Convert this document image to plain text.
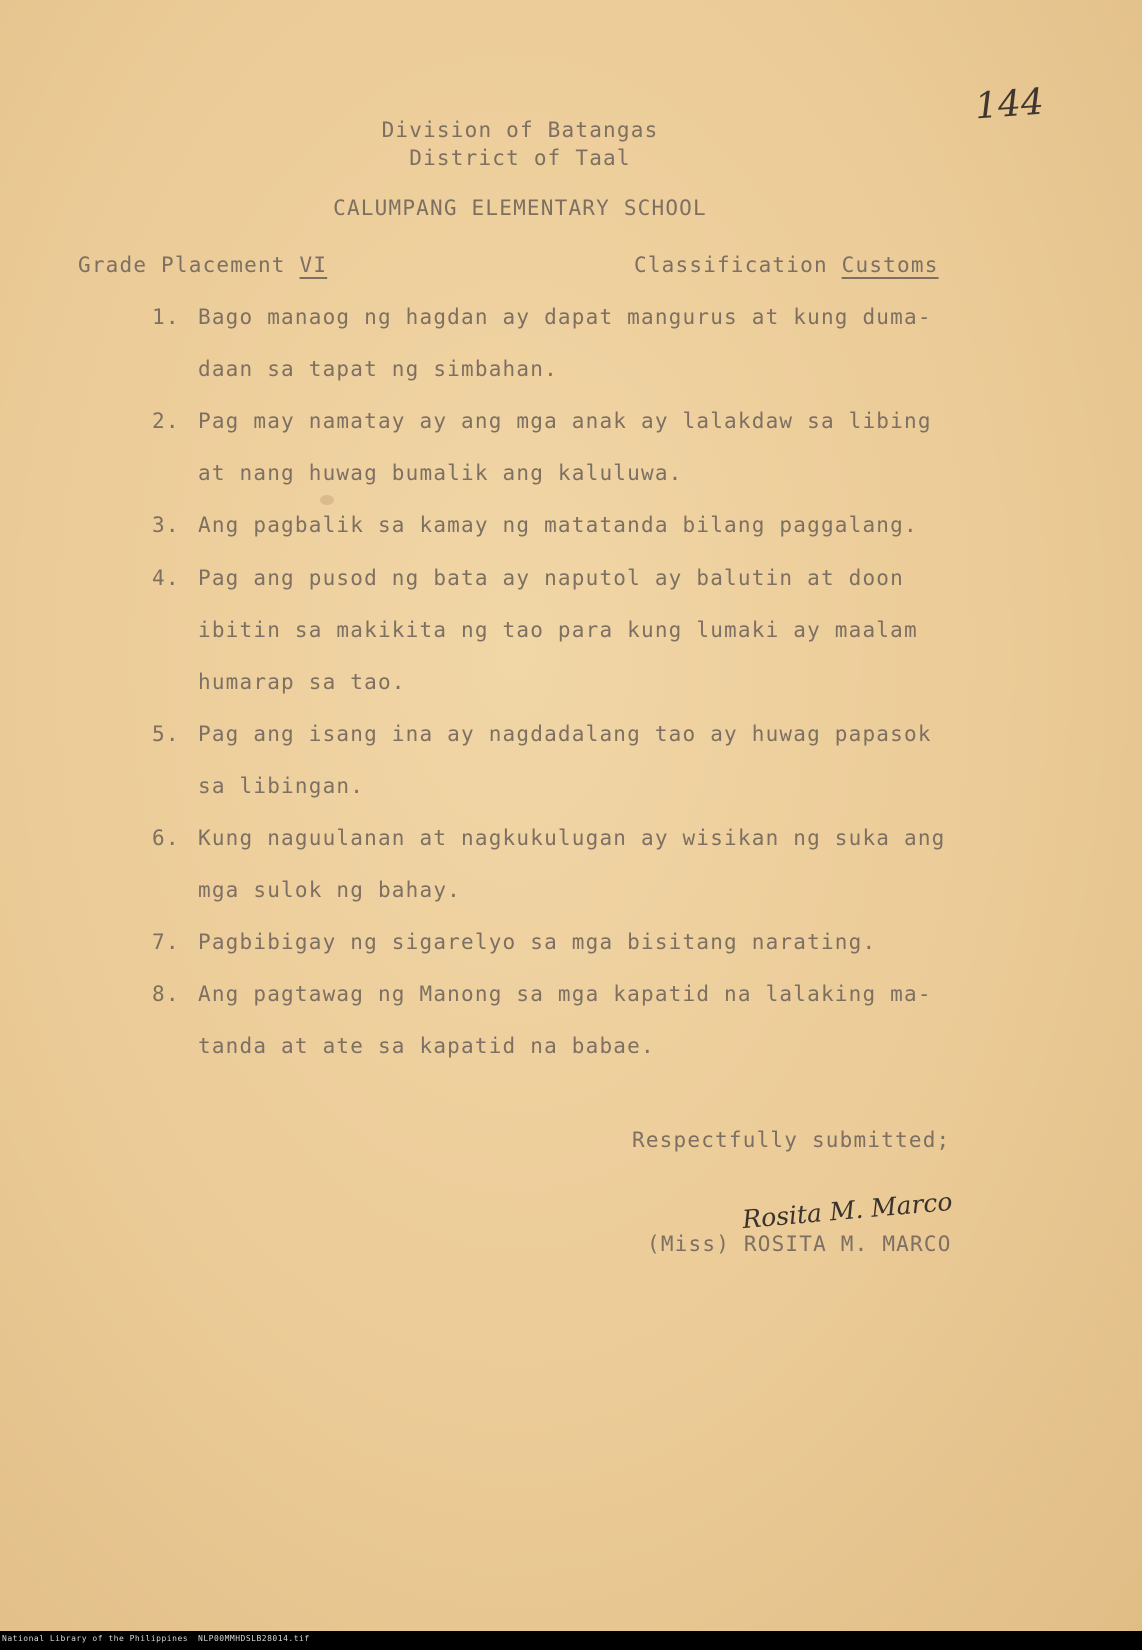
144
Division of Batangas
District of Taal
CALUMPANG ELEMENTARY SCHOOL
Grade Placement VI	Classification Customs
1. Bago manaog ng hagdan ay dapat mangurus at kung duma-
daan sa tapat ng simbahan.
2. Pag may namatay ay ang mga anak ay lalakdaw sa libing
at nang huwag bumalik ang kaluluwa.
3. Ang pagbalik sa kamay ng matatanda bilang paggalang.
4. Pag ang pusod ng bata ay naputol ay balutin at doon
ibitin sa makikita ng tao para kung lumaki ay maalam
humarap sa tao.
5. Pag ang isang ina ay nagdadalang tao ay huwag papasok
sa libingan.
6. Kung naguulanan at nagkukulugan ay wisikan ng suka ang
mga sulok ng bahay.
7. Pagbibigay ng sigarelyo sa mga bisitang narating.
8. Ang pagtawag ng Manong sa mga kapatid na lalaking ma-
tanda at ate sa kapatid na babae.
Respectfully submitted;
Rosita M. Marco
(Miss) ROSITA M. MARCO
National Library of the Philippines NLP00MMHDSLB28014.tif
